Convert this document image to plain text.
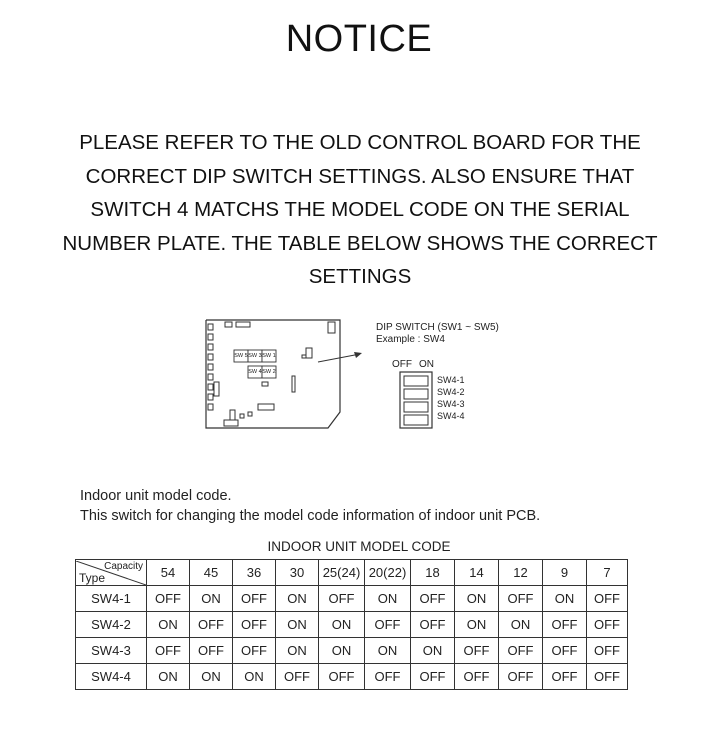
NOTICE
PLEASE REFER TO THE OLD CONTROL BOARD FOR THE
CORRECT DIP SWITCH SETTINGS. ALSO ENSURE THAT
SWITCH 4 MATCHS THE MODEL CODE ON THE SERIAL
NUMBER PLATE. THE TABLE BELOW SHOWS THE CORRECT
SETTINGS
SW 5 SW 3 SW 1
SW 4 SW 2
DIP SWITCH (SW1 ~ SW5)
Example : SW4
OFF ON
SW4-1
SW4-2
SW4-3
SW4-4
Indoor unit model code.
This switch for changing the model code information of indoor unit PCB.
INDOOR UNIT MODEL CODE
Capacity
Type	54	45	36	30	25(24)	20(22)	18	14	12	9	7
SW4-1	OFF	ON	OFF	ON	OFF	ON	OFF	ON	OFF	ON	OFF
SW4-2	ON	OFF	OFF	ON	ON	OFF	OFF	ON	ON	OFF	OFF
SW4-3	OFF	OFF	OFF	ON	ON	ON	ON	OFF	OFF	OFF	OFF
SW4-4	ON	ON	ON	OFF	OFF	OFF	OFF	OFF	OFF	OFF	OFF
